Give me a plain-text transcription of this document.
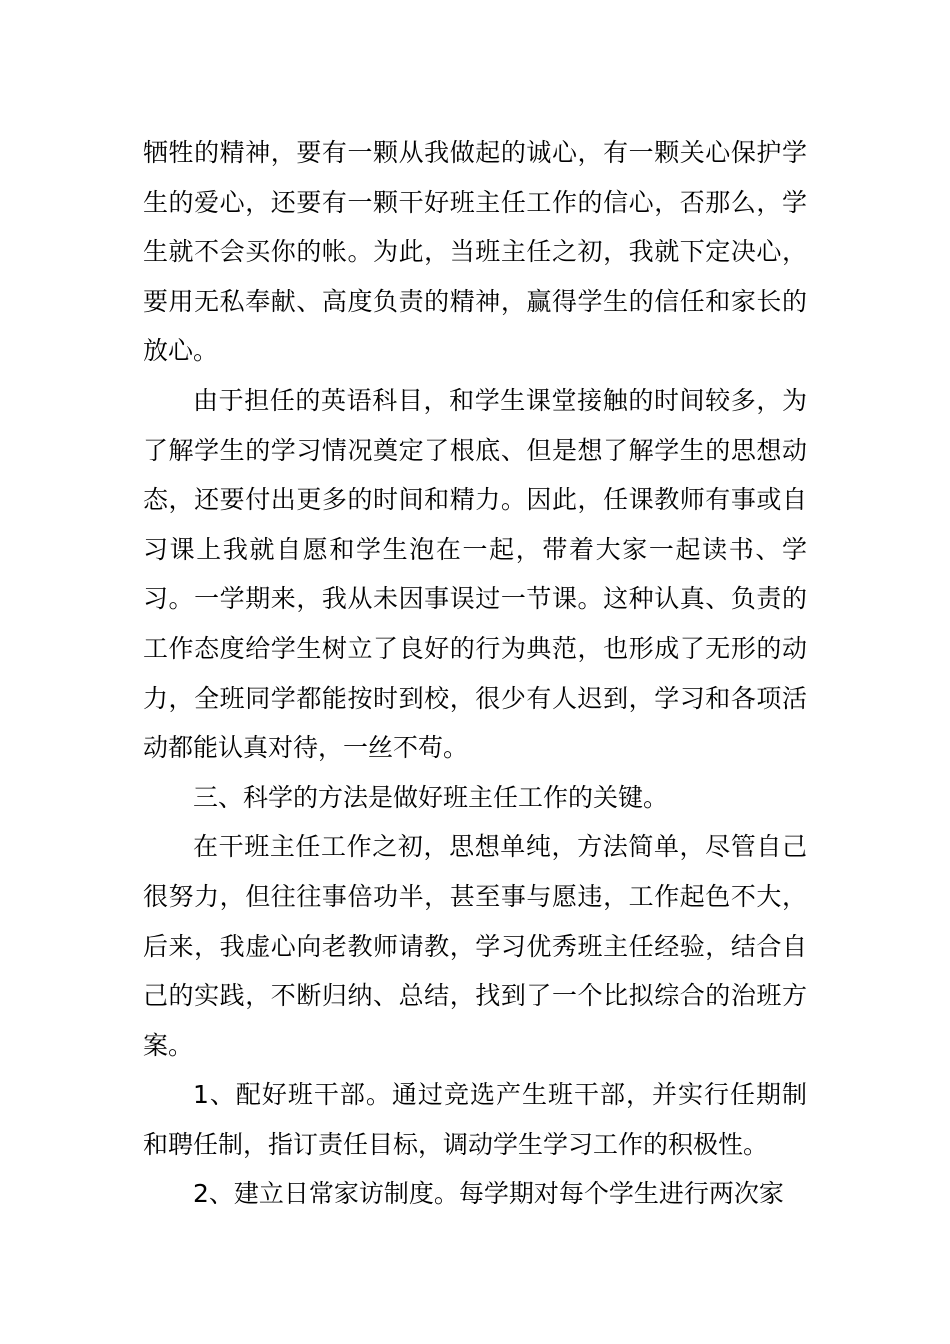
牺牲的精神，要有一颗从我做起的诚心，有一颗关心保护学生的爱心，还要有一颗干好班主任工作的信心，否那么，学生就不会买你的帐。为此，当班主任之初，我就下定决心，要用无私奉献、高度负责的精神，赢得学生的信任和家长的放心。

由于担任的英语科目，和学生课堂接触的时间较多，为了解学生的学习情况奠定了根底、但是想了解学生的思想动态，还要付出更多的时间和精力。因此，任课教师有事或自习课上我就自愿和学生泡在一起，带着大家一起读书、学习。一学期来，我从未因事误过一节课。这种认真、负责的工作态度给学生树立了良好的行为典范，也形成了无形的动力，全班同学都能按时到校，很少有人迟到，学习和各项活动都能认真对待，一丝不苟。

三、科学的方法是做好班主任工作的关键。

在干班主任工作之初，思想单纯，方法简单，尽管自己很努力，但往往事倍功半，甚至事与愿违，工作起色不大，后来，我虚心向老教师请教，学习优秀班主任经验，结合自己的实践，不断归纳、总结，找到了一个比拟综合的治班方案。

1、配好班干部。通过竞选产生班干部，并实行任期制和聘任制，指订责任目标，调动学生学习工作的积极性。

2、建立日常家访制度。每学期对每个学生进行两次家
